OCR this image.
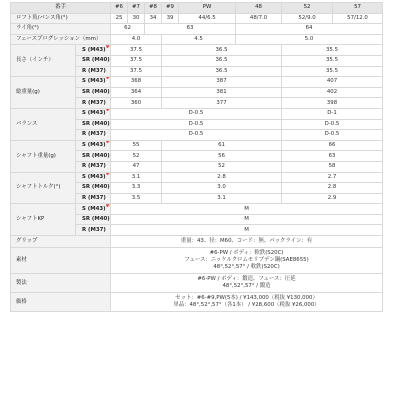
番手		#6	#7	#8	#9	PW	48	52	57
ロフト角/バンス角(°)		25	30	34	39	44/6.5	48/7.0	52/9.0	57/12.0
ライ角(°)		62		63			64		
フェースプログレッション（mm）		4.0			4.5		5.0		
長さ（インチ）	S (M43)※	37.5			36.5			35.5	
	SR (M40)	37.5			36.5			35.5	
	R (M37)	37.5			36.5			35.5	
総重量(g)	S (M43)※	368			387			407	
	SR (M40)	364			381			402	
	R (M37)	360			377			398	
バランス	S (M43)※	D-0.5						D-1	
	SR (M40)	D-0.5						D-0.5	
	R (M37)	D-0.5						D-0.5	
シャフト重量(g)	S (M43)※	55			61			66	
	SR (M40)	52			56			63	
	R (M37)	47			52			58	
シャフトトルク(°)	S (M43)※	3.1			2.8			2.7	
	SR (M40)	3.3			3.0			2.8	
	R (M37)	3.5			3.1			2.9	
シャフトKP	S (M43)※	M							
	SR (M40)	M							
	R (M37)	M							
グリップ		重量：43、径：M60、コード：無、バックライン：有							
素材		#6-PW / ボディ：軟鉄(S20C)
フェース：ニッケルクロムモリブデン鋼(SAE8655)
48°,52°,57° / 軟鉄(S20C)							

製法		#6-PW / ボディ：鍛造、フェース：圧延
48°,52°,57° / 鍛造							

価格		セット：#6-#9,PW(5本) / ¥143,000（税抜 ¥130,000）
単品：48°,52°,57°（各1本） / ¥28,600（税抜 ¥26,000）							
